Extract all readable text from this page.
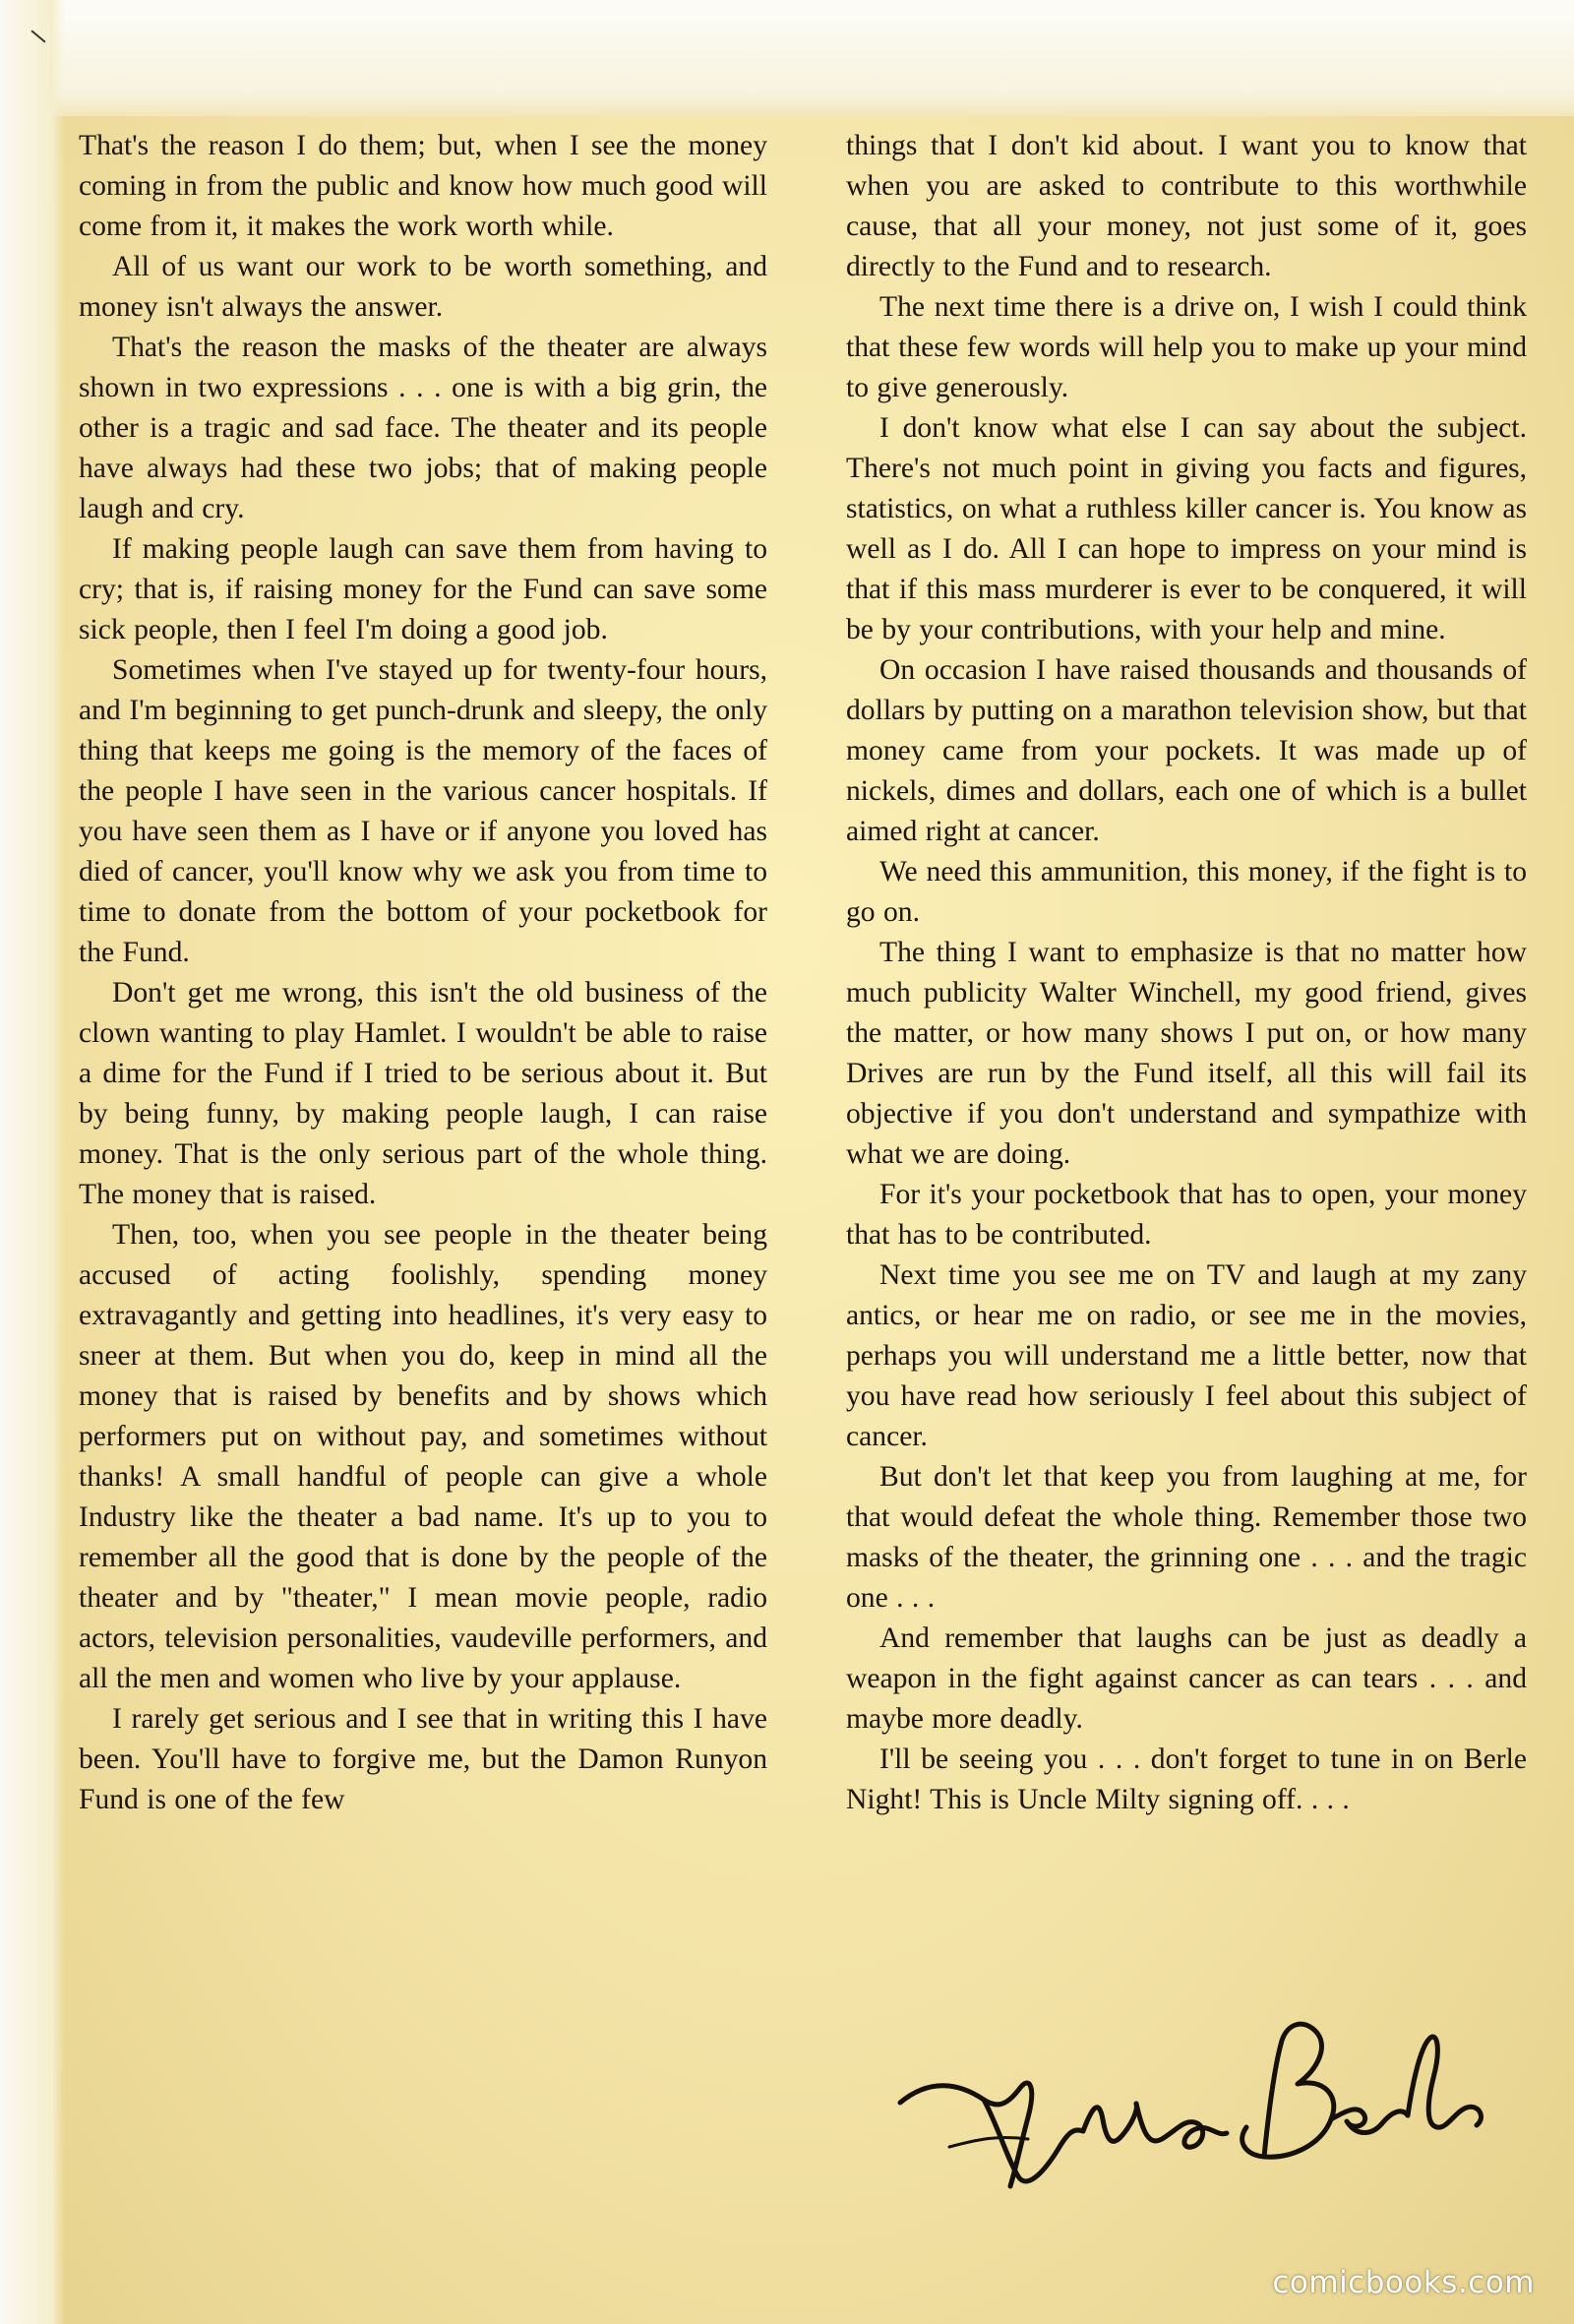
That's the reason I do them; but, when I see the money coming in from the public and know how much good will come from it, it makes the work worth while.

All of us want our work to be worth something, and money isn't always the answer.

That's the reason the masks of the theater are always shown in two expressions . . . one is with a big grin, the other is a tragic and sad face. The theater and its people have always had these two jobs; that of making people laugh and cry.

If making people laugh can save them from having to cry; that is, if raising money for the Fund can save some sick people, then I feel I'm doing a good job.

Sometimes when I've stayed up for twenty-four hours, and I'm beginning to get punch-drunk and sleepy, the only thing that keeps me going is the memory of the faces of the people I have seen in the various cancer hospitals. If you have seen them as I have or if anyone you loved has died of cancer, you'll know why we ask you from time to time to donate from the bottom of your pocketbook for the Fund.

Don't get me wrong, this isn't the old business of the clown wanting to play Hamlet. I wouldn't be able to raise a dime for the Fund if I tried to be serious about it. But by being funny, by making people laugh, I can raise money. That is the only serious part of the whole thing. The money that is raised.

Then, too, when you see people in the theater being accused of acting foolishly, spending money extravagantly and getting into headlines, it's very easy to sneer at them. But when you do, keep in mind all the money that is raised by benefits and by shows which performers put on without pay, and sometimes without thanks! A small handful of people can give a whole Industry like the theater a bad name. It's up to you to remember all the good that is done by the people of the theater and by "theater," I mean movie people, radio actors, television personalities, vaudeville performers, and all the men and women who live by your applause.

I rarely get serious and I see that in writing this I have been. You'll have to forgive me, but the Damon Runyon Fund is one of the few

things that I don't kid about. I want you to know that when you are asked to contribute to this worthwhile cause, that all your money, not just some of it, goes directly to the Fund and to research.

The next time there is a drive on, I wish I could think that these few words will help you to make up your mind to give generously.

I don't know what else I can say about the subject. There's not much point in giving you facts and figures, statistics, on what a ruthless killer cancer is. You know as well as I do. All I can hope to impress on your mind is that if this mass murderer is ever to be conquered, it will be by your contributions, with your help and mine.

On occasion I have raised thousands and thousands of dollars by putting on a marathon television show, but that money came from your pockets. It was made up of nickels, dimes and dollars, each one of which is a bullet aimed right at cancer.

We need this ammunition, this money, if the fight is to go on.

The thing I want to emphasize is that no matter how much publicity Walter Winchell, my good friend, gives the matter, or how many shows I put on, or how many Drives are run by the Fund itself, all this will fail its objective if you don't understand and sympathize with what we are doing.

For it's your pocketbook that has to open, your money that has to be contributed.

Next time you see me on TV and laugh at my zany antics, or hear me on radio, or see me in the movies, perhaps you will understand me a little better, now that you have read how seriously I feel about this subject of cancer.

But don't let that keep you from laughing at me, for that would defeat the whole thing. Remember those two masks of the theater, the grinning one . . . and the tragic one . . .

And remember that laughs can be just as deadly a weapon in the fight against cancer as can tears . . . and maybe more deadly.

I'll be seeing you . . . don't forget to tune in on Berle Night! This is Uncle Milty signing off. . . .

comicbooks.com
